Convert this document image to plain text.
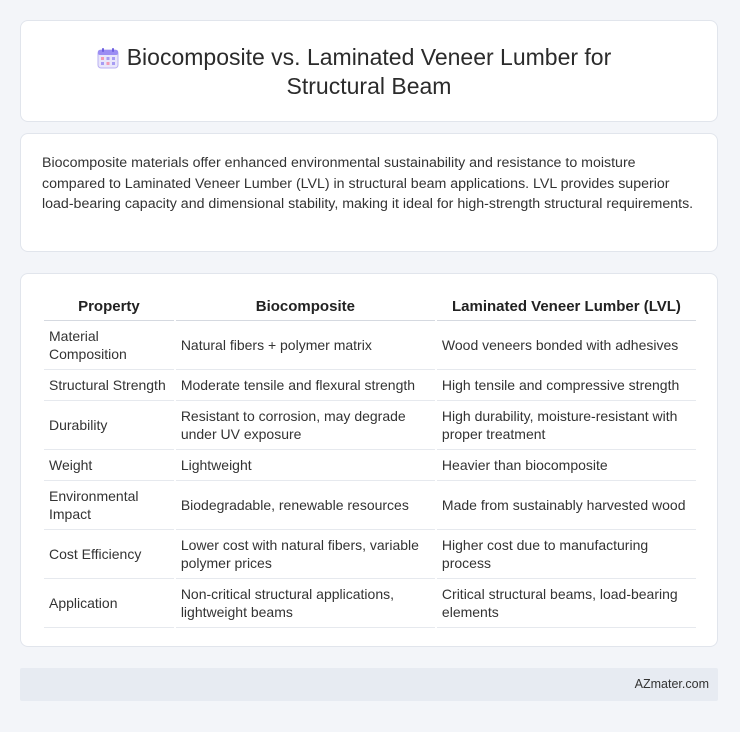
Biocomposite vs. Laminated Veneer Lumber for
Structural Beam

Biocomposite materials offer enhanced environmental sustainability and resistance to moisture compared to Laminated Veneer Lumber (LVL) in structural beam applications. LVL provides superior load-bearing capacity and dimensional stability, making it ideal for high-strength structural requirements.

Property	Biocomposite	Laminated Veneer Lumber (LVL)
Material Composition	Natural fibers + polymer matrix	Wood veneers bonded with adhesives
Structural Strength	Moderate tensile and flexural strength	High tensile and compressive strength
Durability	Resistant to corrosion, may degrade under UV exposure	High durability, moisture-resistant with proper treatment
Weight	Lightweight	Heavier than biocomposite
Environmental Impact	Biodegradable, renewable resources	Made from sustainably harvested wood
Cost Efficiency	Lower cost with natural fibers, variable polymer prices	Higher cost due to manufacturing process
Application	Non-critical structural applications, lightweight beams	Critical structural beams, load-bearing elements
AZmater.com
